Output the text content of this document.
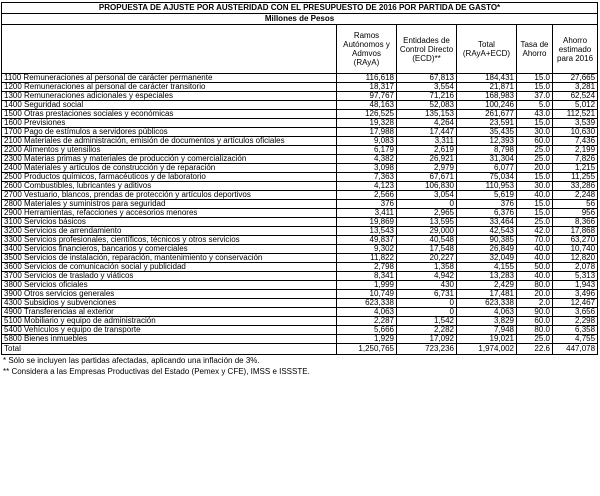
PROPUESTA DE AJUSTE POR AUSTERIDAD CON EL PRESUPUESTO DE 2016 POR PARTIDA DE GASTO*					
Millones de Pesos					
	Ramos Autónomos y Admvos (RAyA)	Entidades de Control Directo (ECD)**	Total (RAyA+ECD)	Tasa de Ahorro	Ahorro estimado para 2016
1100 Remuneraciones al personal de carácter permanente	116,618	67,813	184,431	15.0	27,665
1200 Remuneraciones al personal de carácter transitorio	18,317	3,554	21,871	15.0	3,281
1300 Remuneraciones adicionales y especiales	97,767	71,216	168,983	37.0	62,524
1400 Seguridad social	48,163	52,083	100,246	5.0	5,012
1500 Otras prestaciones sociales y económicas	126,525	135,153	261,677	43.0	112,521
1600 Previsiones	19,328	4,264	23,591	15.0	3,539
1700 Pago de estímulos a servidores públicos	17,988	17,447	35,435	30.0	10,630
2100 Materiales de administración, emisión de documentos y artículos oficiales	9,083	3,311	12,393	60.0	7,436
2200 Alimentos y utensilios	6,179	2,619	8,798	25.0	2,199
2300 Materias primas y materiales de producción y comercialización	4,382	26,921	31,304	25.0	7,826
2400 Materiales y artículos de construcción y de reparación	3,098	2,979	6,077	20.0	1,215
2500 Productos químicos, farmacéuticos y de laboratorio	7,363	67,671	75,034	15.0	11,255
2600 Combustibles, lubricantes y aditivos	4,123	106,830	110,953	30.0	33,286
2700 Vestuario, blancos, prendas de protección y artículos deportivos	2,566	3,054	5,619	40.0	2,248
2800 Materiales y suministros para seguridad	376	0	376	15.0	56
2900 Herramientas, refacciones y accesorios menores	3,411	2,965	6,376	15.0	956
3100 Servicios básicos	19,869	13,595	33,464	25.0	8,366
3200 Servicios de arrendamiento	13,543	29,000	42,543	42.0	17,868
3300 Servicios profesionales, científicos, técnicos y otros servicios	49,837	40,548	90,385	70.0	63,270
3400 Servicios financieros, bancarios y comerciales	9,302	17,548	26,849	40.0	10,740
3500 Servicios de instalación, reparación, mantenimiento y conservación	11,822	20,227	32,049	40.0	12,820
3600 Servicios de comunicación social y publicidad	2,798	1,358	4,155	50.0	2,078
3700 Servicios de traslado y viáticos	8,341	4,942	13,283	40.0	5,313
3800 Servicios oficiales	1,999	430	2,429	80.0	1,943
3900 Otros servicios generales	10,749	6,731	17,481	20.0	3,496
4300 Subsidios y subvenciones	623,338	0	623,338	2.0	12,467
4900 Transferencias al exterior	4,063	0	4,063	90.0	3,656
5100 Mobiliario y equipo de administración	2,287	1,542	3,829	60.0	2,298
5400 Vehículos y equipo de transporte	5,666	2,282	7,948	80.0	6,358
5800 Bienes inmuebles	1,929	17,092	19,021	25.0	4,755
Total	1,250,765	723,236	1,974,002	22.6	447,078
* Sólo se incluyen las partidas afectadas, aplicando una inflación de 3%.
** Considera a las Empresas Productivas del Estado (Pemex y CFE), IMSS e ISSSTE.
